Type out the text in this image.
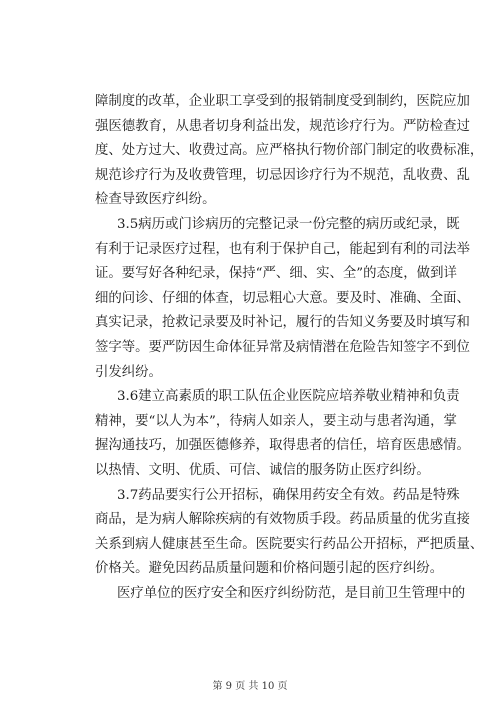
障制度的改革，企业职工享受到的报销制度受到制约，医院应加
强医德教育，从患者切身利益出发，规范诊疗行为。严防检查过
度、处方过大、收费过高。应严格执行物价部门制定的收费标准，
规范诊疗行为及收费管理，切忌因诊疗行为不规范，乱收费、乱
检查导致医疗纠纷。
3.5病历或门诊病历的完整记录一份完整的病历或纪录，既
有利于记录医疗过程，也有利于保护自己，能起到有利的司法举
证。要写好各种纪录，保持“严、细、实、全”的态度，做到详
细的问诊、仔细的体查，切忌粗心大意。要及时、准确、全面、
真实记录，抢救记录要及时补记，履行的告知义务要及时填写和
签字等。要严防因生命体征异常及病情潜在危险告知签字不到位
引发纠纷。
3.6建立高素质的职工队伍企业医院应培养敬业精神和负责
精神，要“以人为本”，待病人如亲人，要主动与患者沟通，掌
握沟通技巧，加强医德修养，取得患者的信任，培育医患感情。
以热情、文明、优质、可信、诚信的服务防止医疗纠纷。
3.7药品要实行公开招标，确保用药安全有效。药品是特殊
商品，是为病人解除疾病的有效物质手段。药品质量的优劣直接
关系到病人健康甚至生命。医院要实行药品公开招标，严把质量、
价格关。避免因药品质量问题和价格问题引起的医疗纠纷。
医疗单位的医疗安全和医疗纠纷防范，是目前卫生管理中的
第 9 页 共 10 页
